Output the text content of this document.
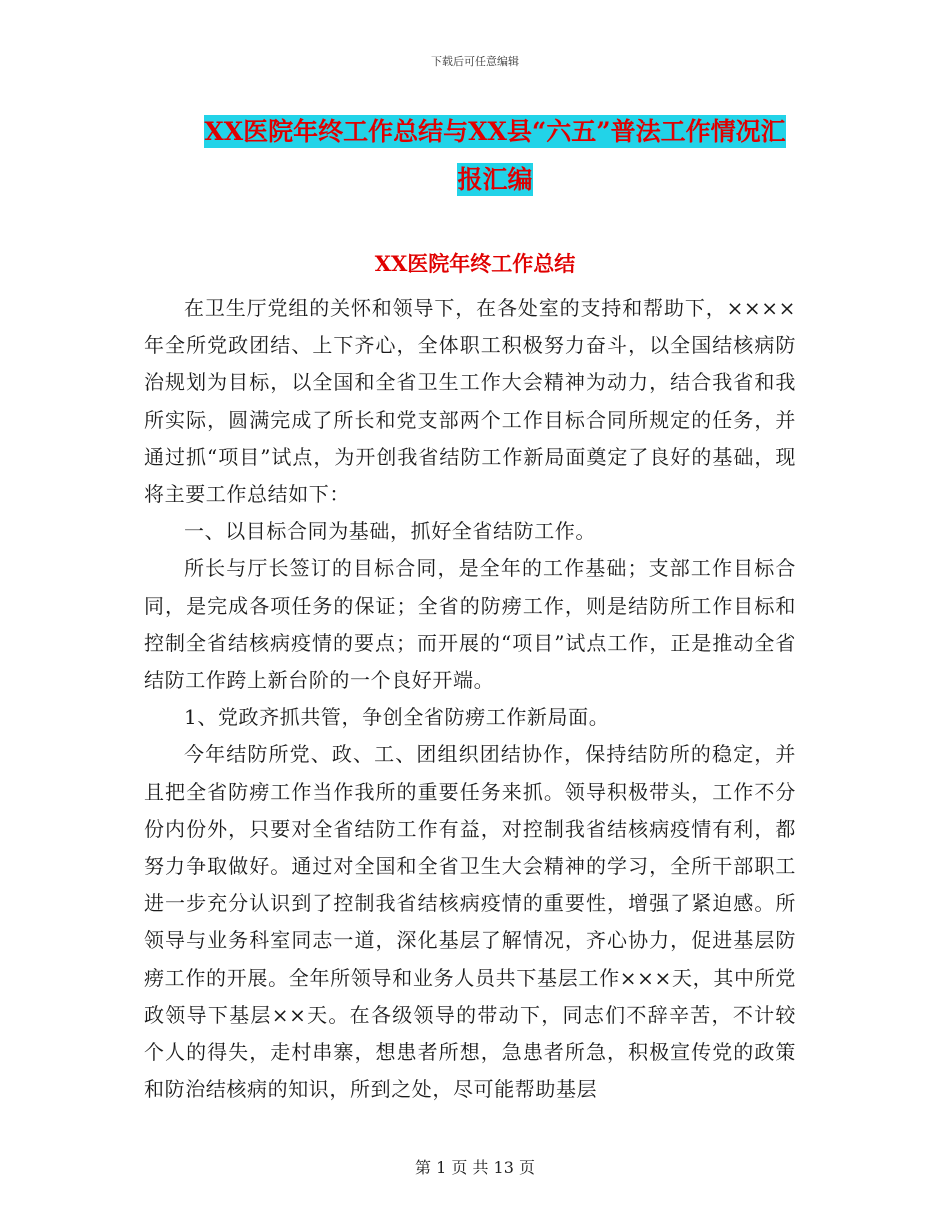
下载后可任意编辑
XX医院年终工作总结与XX县“六五”普法工作情况汇
报汇编
XX医院年终工作总结

在卫生厅党组的关怀和领导下，在各处室的支持和帮助下，××××年全所党政团结、上下齐心，全体职工积极努力奋斗，以全国结核病防治规划为目标，以全国和全省卫生工作大会精神为动力，结合我省和我所实际，圆满完成了所长和党支部两个工作目标合同所规定的任务，并通过抓“项目”试点，为开创我省结防工作新局面奠定了良好的基础，现将主要工作总结如下：

一、以目标合同为基础，抓好全省结防工作。

所长与厅长签订的目标合同，是全年的工作基础；支部工作目标合同，是完成各项任务的保证；全省的防痨工作，则是结防所工作目标和控制全省结核病疫情的要点；而开展的“项目”试点工作，正是推动全省结防工作跨上新台阶的一个良好开端。

1、党政齐抓共管，争创全省防痨工作新局面。

今年结防所党、政、工、团组织团结协作，保持结防所的稳定，并且把全省防痨工作当作我所的重要任务来抓。领导积极带头，工作不分份内份外，只要对全省结防工作有益，对控制我省结核病疫情有利，都努力争取做好。通过对全国和全省卫生大会精神的学习，全所干部职工进一步充分认识到了控制我省结核病疫情的重要性，增强了紧迫感。所领导与业务科室同志一道，深化基层了解情况，齐心协力，促进基层防痨工作的开展。全年所领导和业务人员共下基层工作×××天，其中所党政领导下基层××天。在各级领导的带动下，同志们不辞辛苦，不计较个人的得失，走村串寨，想患者所想，急患者所急，积极宣传党的政策和防治结核病的知识，所到之处，尽可能帮助基层

第 1 页 共 13 页
